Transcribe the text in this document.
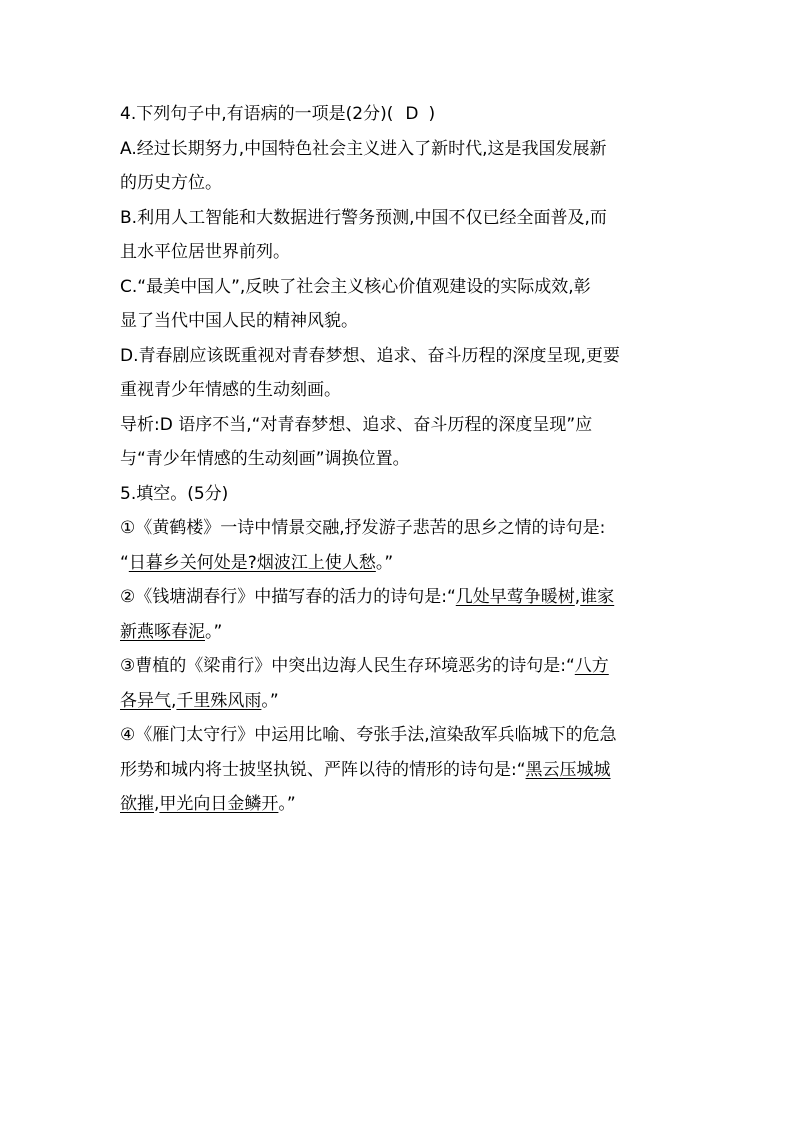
4.下列句子中,有语病的一项是(2分)( D )
A.经过长期努力,中国特色社会主义进入了新时代,这是我国发展新
的历史方位。
B.利用人工智能和大数据进行警务预测,中国不仅已经全面普及,而
且水平位居世界前列。
C.“最美中国人”,反映了社会主义核心价值观建设的实际成效,彰
显了当代中国人民的精神风貌。
D.青春剧应该既重视对青春梦想、追求、奋斗历程的深度呈现,更要
重视青少年情感的生动刻画。
导析:D 语序不当,“对青春梦想、追求、奋斗历程的深度呈现”应
与“青少年情感的生动刻画”调换位置。
5.填空。(5分)
①《黄鹤楼》一诗中情景交融,抒发游子悲苦的思乡之情的诗句是:
“日暮乡关何处是?烟波江上使人愁。”
②《钱塘湖春行》中描写春的活力的诗句是:“几处早莺争暖树,谁家
新燕啄春泥。”
③曹植的《梁甫行》中突出边海人民生存环境恶劣的诗句是:“八方
各异气,千里殊风雨。”
④《雁门太守行》中运用比喻、夸张手法,渲染敌军兵临城下的危急
形势和城内将士披坚执锐、严阵以待的情形的诗句是:“黑云压城城
欲摧,甲光向日金鳞开。”
